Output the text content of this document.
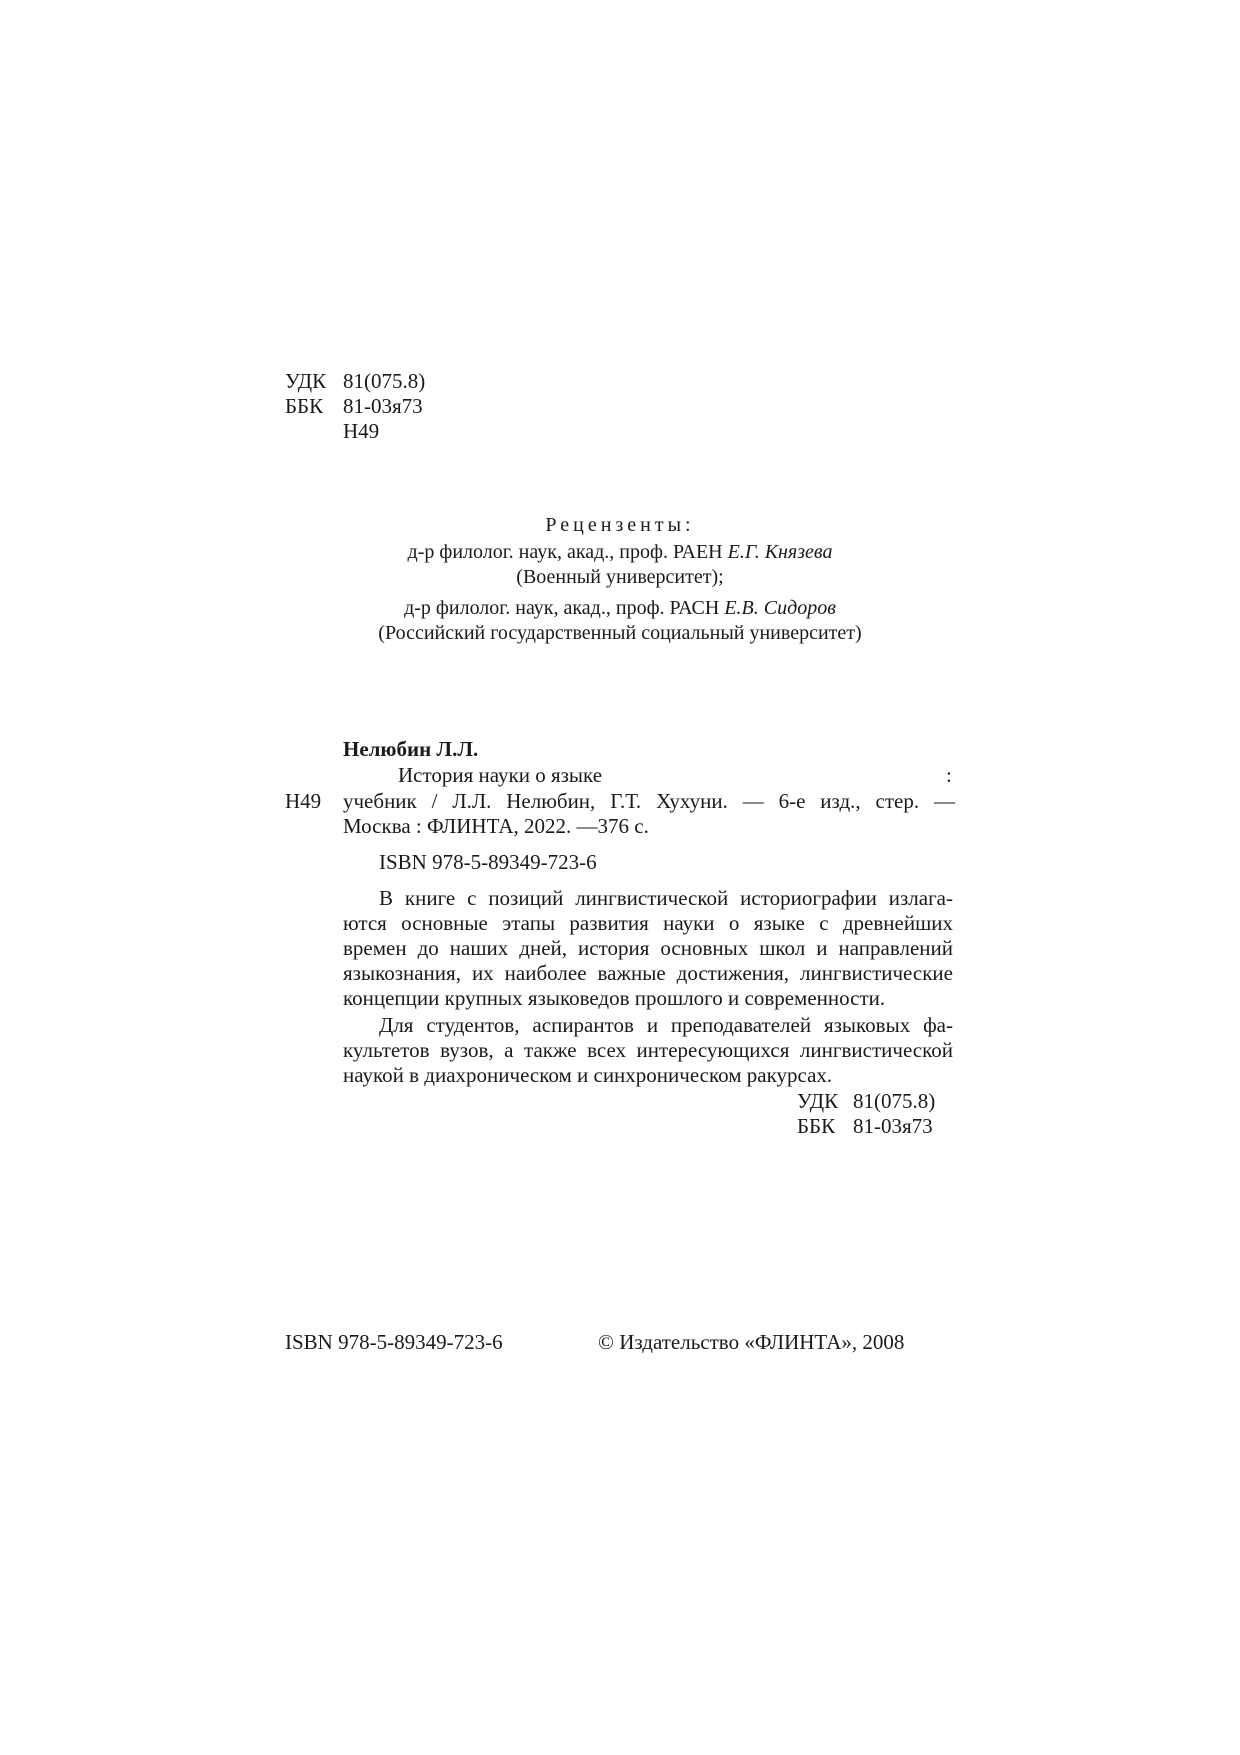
УДК 81(075.8)
ББК 81-03я73
Н49
Рецензенты:
д-р филолог. наук, акад., проф. РАЕН Е.Г. Князева
(Военный университет);
д-р филолог. наук, акад., проф. РАСН Е.В. Сидоров
(Российский государственный социальный университет)
Нелюбин Л.Л.
История науки о языке	:
Н49 учебник / Л.Л. Нелюбин, Г.Т. Хухуни. — 6-е изд., стер. —
Москва : ФЛИНТА, 2022. —376 с.
ISBN 978-5-89349-723-6
В книге с позиций лингвистической историографии излага-
ются основные этапы развития науки о языке с древнейших
времен до наших дней, история основных школ и направлений
языкознания, их наиболее важные достижения, лингвистические
концепции крупных языковедов прошлого и современности.
Для студентов, аспирантов и преподавателей языковых фа-
культетов вузов, а также всех интересующихся лингвистической
наукой в диахроническом и синхроническом ракурсах.
УДК 81(075.8)
ББК 81-03я73
ISBN 978-5-89349-723-6	© Издательство «ФЛИНТА», 2008
